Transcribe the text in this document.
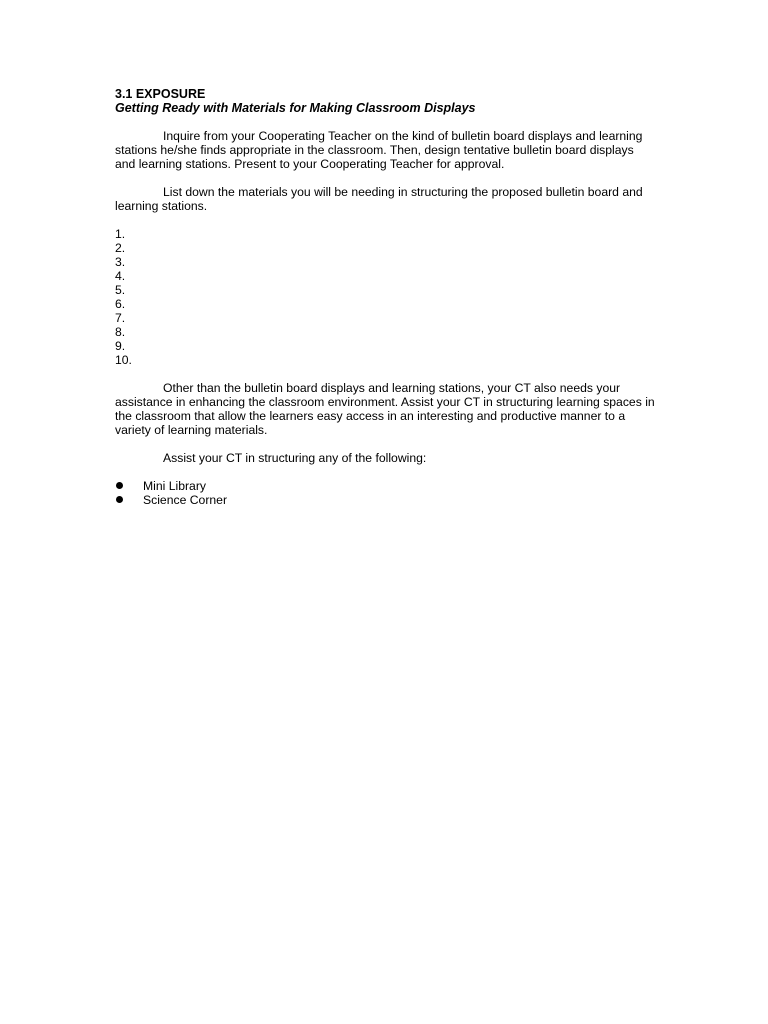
3.1 EXPOSURE
Getting Ready with Materials for Making Classroom Displays

Inquire from your Cooperating Teacher on the kind of bulletin board displays and learning stations he/she finds appropriate in the classroom. Then, design tentative bulletin board displays and learning stations. Present to your Cooperating Teacher for approval.

List down the materials you will be needing in structuring the proposed bulletin board and learning stations.

1.
2.
3.
4.
5.
6.
7.
8.
9.
10.

Other than the bulletin board displays and learning stations, your CT also needs your assistance in enhancing the classroom environment. Assist your CT in structuring learning spaces in the classroom that allow the learners easy access in an interesting and productive manner to a variety of learning materials.

Assist your CT in structuring any of the following:

Mini Library
Science Corner
